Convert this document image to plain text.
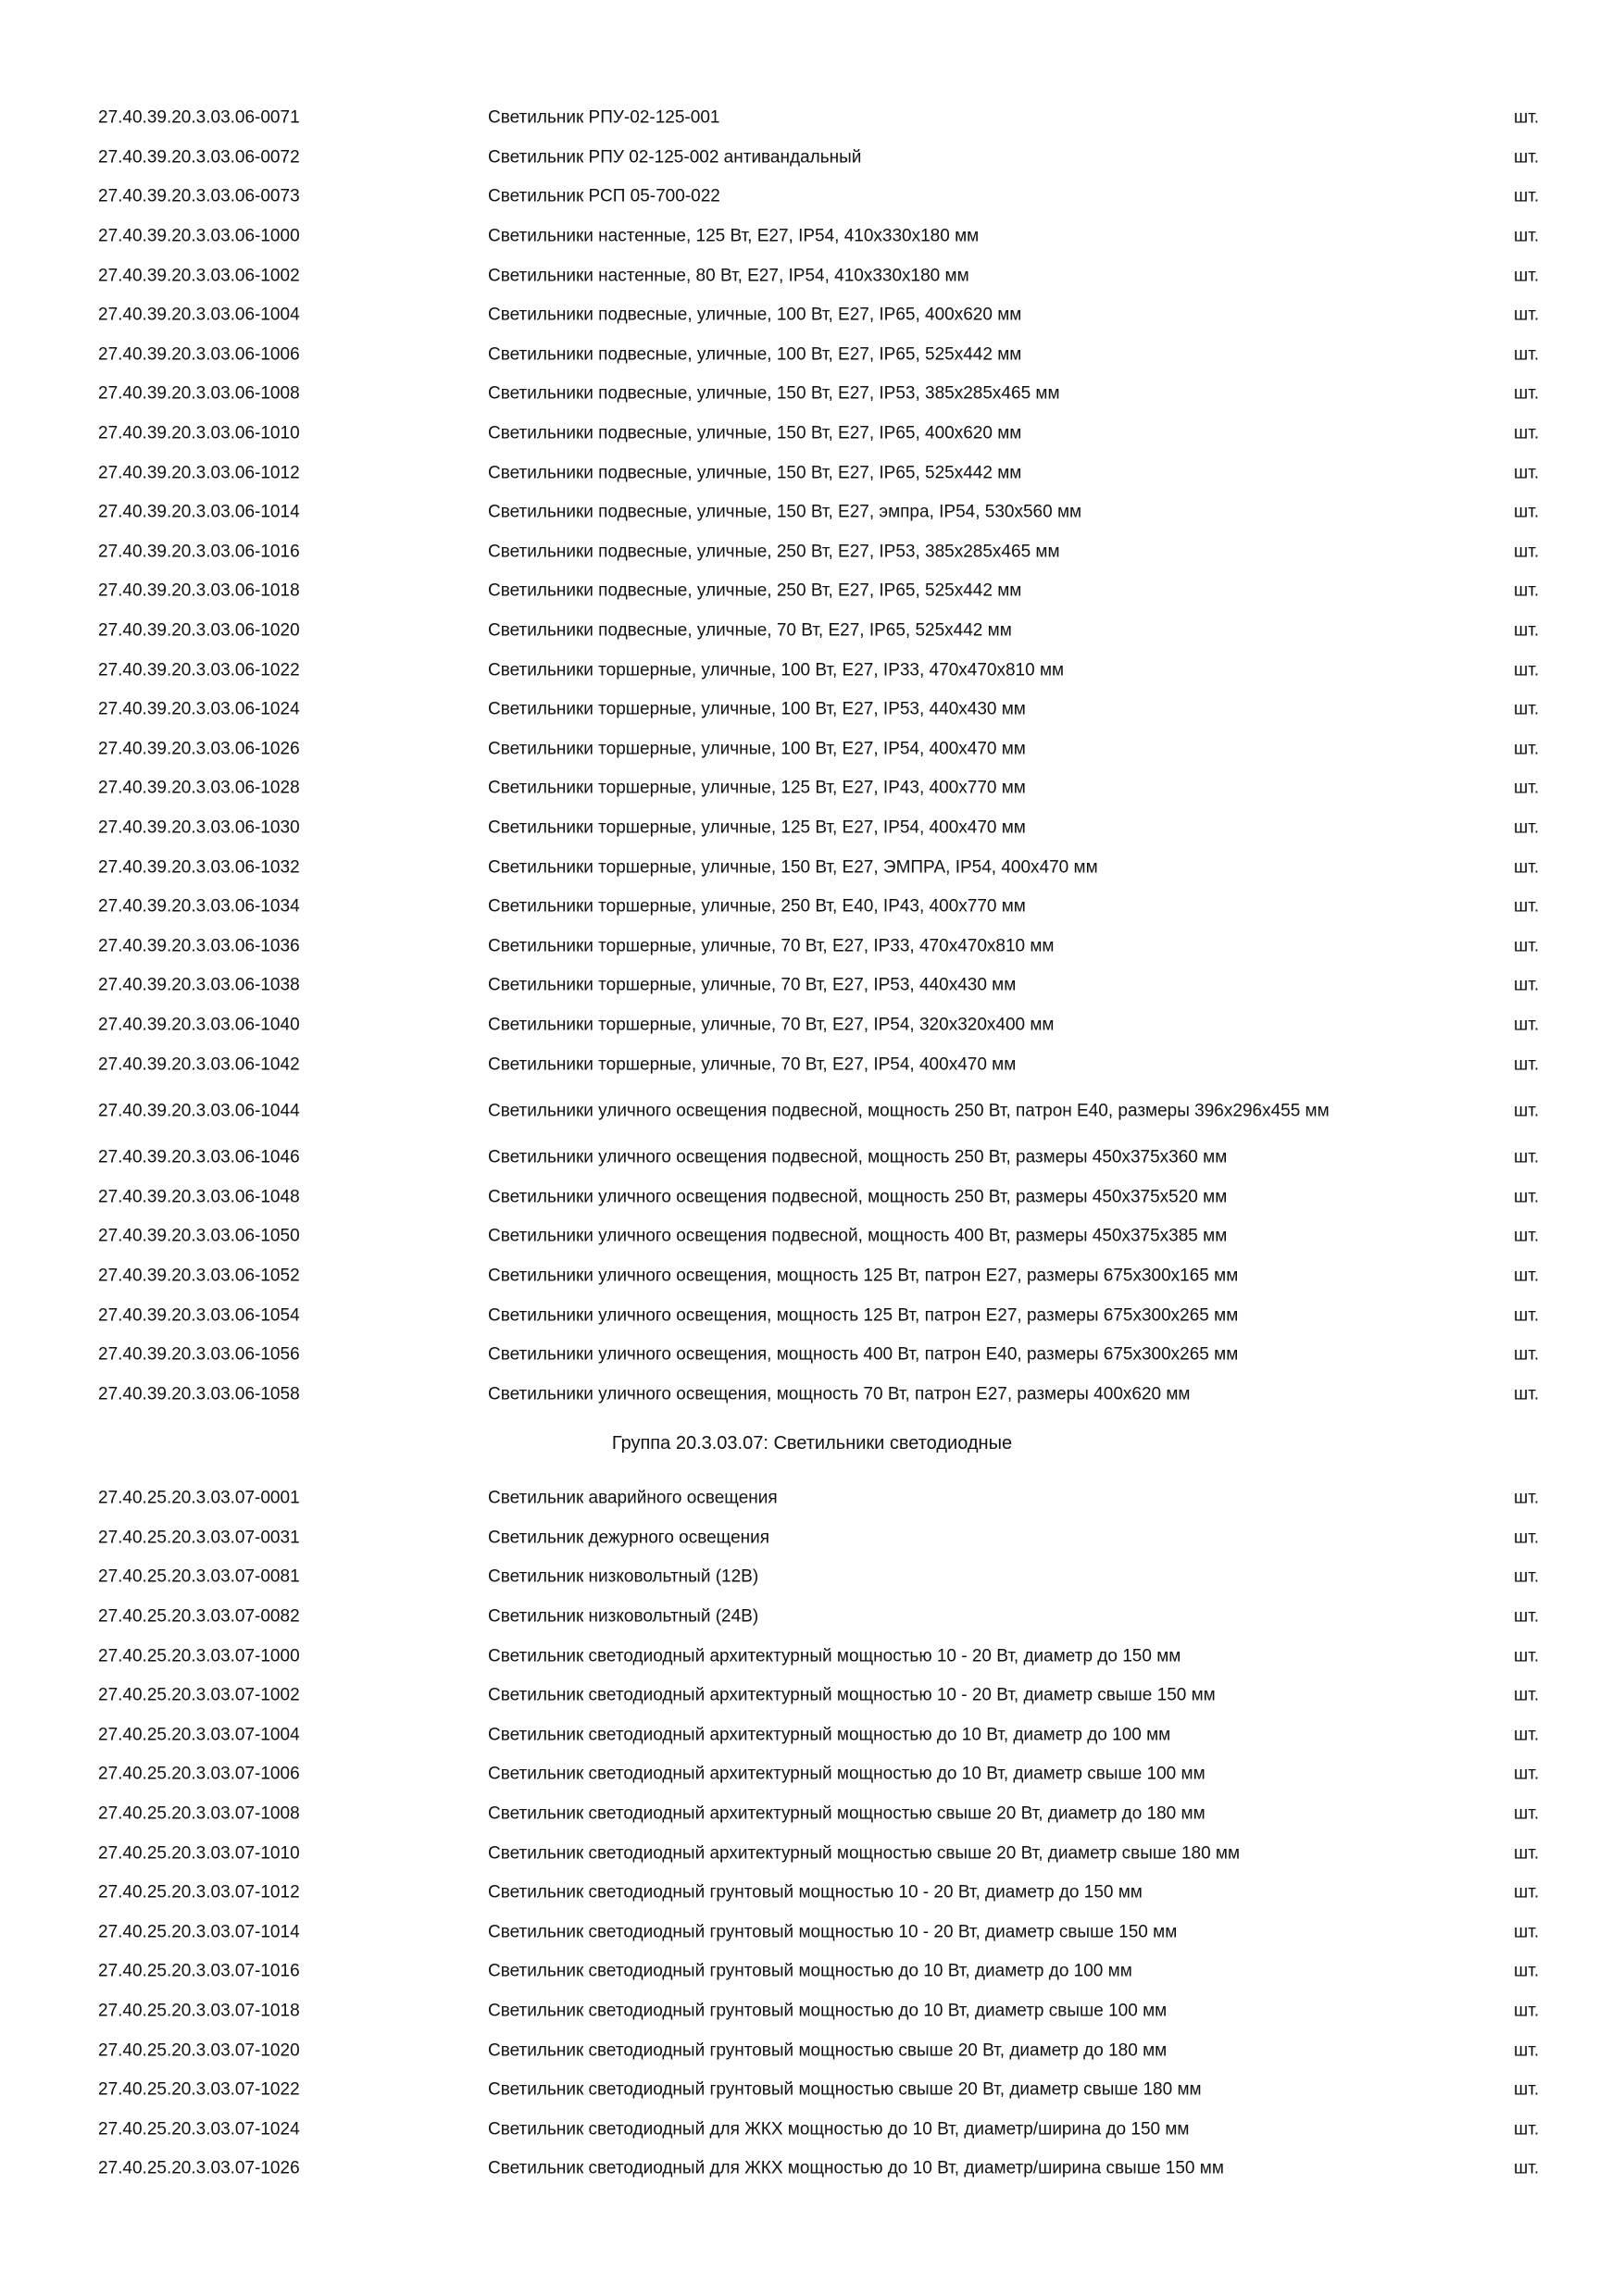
27.40.39.20.3.03.06-0071	Светильник РПУ-02-125-001	шт.
27.40.39.20.3.03.06-0072	Светильник РПУ 02-125-002 антивандальный	шт.
27.40.39.20.3.03.06-0073	Светильник РСП 05-700-022	шт.
27.40.39.20.3.03.06-1000	Светильники настенные, 125 Вт, Е27, IP54, 410x330x180 мм	шт.
27.40.39.20.3.03.06-1002	Светильники настенные, 80 Вт, Е27, IP54, 410x330x180 мм	шт.
27.40.39.20.3.03.06-1004	Светильники подвесные, уличные, 100 Вт, Е27, IP65, 400x620 мм	шт.
27.40.39.20.3.03.06-1006	Светильники подвесные, уличные, 100 Вт, Е27, IP65, 525x442 мм	шт.
27.40.39.20.3.03.06-1008	Светильники подвесные, уличные, 150 Вт, Е27, IP53, 385x285x465 мм	шт.
27.40.39.20.3.03.06-1010	Светильники подвесные, уличные, 150 Вт, Е27, IP65, 400x620 мм	шт.
27.40.39.20.3.03.06-1012	Светильники подвесные, уличные, 150 Вт, Е27, IP65, 525x442 мм	шт.
27.40.39.20.3.03.06-1014	Светильники подвесные, уличные, 150 Вт, Е27, эмпра, IP54, 530x560 мм	шт.
27.40.39.20.3.03.06-1016	Светильники подвесные, уличные, 250 Вт, Е27, IP53, 385x285x465 мм	шт.
27.40.39.20.3.03.06-1018	Светильники подвесные, уличные, 250 Вт, Е27, IP65, 525x442 мм	шт.
27.40.39.20.3.03.06-1020	Светильники подвесные, уличные, 70 Вт, Е27, IP65, 525x442 мм	шт.
27.40.39.20.3.03.06-1022	Светильники торшерные, уличные, 100 Вт, Е27, IP33, 470x470x810 мм	шт.
27.40.39.20.3.03.06-1024	Светильники торшерные, уличные, 100 Вт, Е27, IP53, 440x430 мм	шт.
27.40.39.20.3.03.06-1026	Светильники торшерные, уличные, 100 Вт, Е27, IP54, 400x470 мм	шт.
27.40.39.20.3.03.06-1028	Светильники торшерные, уличные, 125 Вт, Е27, IP43, 400x770 мм	шт.
27.40.39.20.3.03.06-1030	Светильники торшерные, уличные, 125 Вт, Е27, IP54, 400x470 мм	шт.
27.40.39.20.3.03.06-1032	Светильники торшерные, уличные, 150 Вт, Е27, ЭМПРА, IP54, 400x470 мм	шт.
27.40.39.20.3.03.06-1034	Светильники торшерные, уличные, 250 Вт, Е40, IP43, 400x770 мм	шт.
27.40.39.20.3.03.06-1036	Светильники торшерные, уличные, 70 Вт, Е27, IP33, 470x470x810 мм	шт.
27.40.39.20.3.03.06-1038	Светильники торшерные, уличные, 70 Вт, Е27, IP53, 440x430 мм	шт.
27.40.39.20.3.03.06-1040	Светильники торшерные, уличные, 70 Вт, Е27, IP54, 320x320x400 мм	шт.
27.40.39.20.3.03.06-1042	Светильники торшерные, уличные, 70 Вт, Е27, IP54, 400x470 мм	шт.
27.40.39.20.3.03.06-1044	Светильники уличного освещения подвесной, мощность 250 Вт, патрон Е40, размеры 396x296x455 мм	шт.
27.40.39.20.3.03.06-1046	Светильники уличного освещения подвесной, мощность 250 Вт, размеры 450x375x360 мм	шт.
27.40.39.20.3.03.06-1048	Светильники уличного освещения подвесной, мощность 250 Вт, размеры 450x375x520 мм	шт.
27.40.39.20.3.03.06-1050	Светильники уличного освещения подвесной, мощность 400 Вт, размеры 450x375x385 мм	шт.
27.40.39.20.3.03.06-1052	Светильники уличного освещения, мощность 125 Вт, патрон Е27, размеры 675x300x165 мм	шт.
27.40.39.20.3.03.06-1054	Светильники уличного освещения, мощность 125 Вт, патрон Е27, размеры 675x300x265 мм	шт.
27.40.39.20.3.03.06-1056	Светильники уличного освещения, мощность 400 Вт, патрон Е40, размеры 675x300x265 мм	шт.
27.40.39.20.3.03.06-1058	Светильники уличного освещения, мощность 70 Вт, патрон Е27, размеры 400x620 мм	шт.
Группа 20.3.03.07: Светильники светодиодные
27.40.25.20.3.03.07-0001	Светильник аварийного освещения	шт.
27.40.25.20.3.03.07-0031	Светильник дежурного освещения	шт.
27.40.25.20.3.03.07-0081	Светильник низковольтный (12В)	шт.
27.40.25.20.3.03.07-0082	Светильник низковольтный (24В)	шт.
27.40.25.20.3.03.07-1000	Светильник светодиодный архитектурный мощностью 10 - 20 Вт, диаметр до 150 мм	шт.
27.40.25.20.3.03.07-1002	Светильник светодиодный архитектурный мощностью 10 - 20 Вт, диаметр свыше 150 мм	шт.
27.40.25.20.3.03.07-1004	Светильник светодиодный архитектурный мощностью до 10 Вт, диаметр до 100 мм	шт.
27.40.25.20.3.03.07-1006	Светильник светодиодный архитектурный мощностью до 10 Вт, диаметр свыше 100 мм	шт.
27.40.25.20.3.03.07-1008	Светильник светодиодный архитектурный мощностью свыше 20 Вт, диаметр до 180 мм	шт.
27.40.25.20.3.03.07-1010	Светильник светодиодный архитектурный мощностью свыше 20 Вт, диаметр свыше 180 мм	шт.
27.40.25.20.3.03.07-1012	Светильник светодиодный грунтовый мощностью 10 - 20 Вт, диаметр до 150 мм	шт.
27.40.25.20.3.03.07-1014	Светильник светодиодный грунтовый мощностью 10 - 20 Вт, диаметр свыше 150 мм	шт.
27.40.25.20.3.03.07-1016	Светильник светодиодный грунтовый мощностью до 10 Вт, диаметр до 100 мм	шт.
27.40.25.20.3.03.07-1018	Светильник светодиодный грунтовый мощностью до 10 Вт, диаметр свыше 100 мм	шт.
27.40.25.20.3.03.07-1020	Светильник светодиодный грунтовый мощностью свыше 20 Вт, диаметр до 180 мм	шт.
27.40.25.20.3.03.07-1022	Светильник светодиодный грунтовый мощностью свыше 20 Вт, диаметр свыше 180 мм	шт.
27.40.25.20.3.03.07-1024	Светильник светодиодный для ЖКХ мощностью до 10 Вт, диаметр/ширина до 150 мм	шт.
27.40.25.20.3.03.07-1026	Светильник светодиодный для ЖКХ мощностью до 10 Вт, диаметр/ширина свыше 150 мм	шт.
